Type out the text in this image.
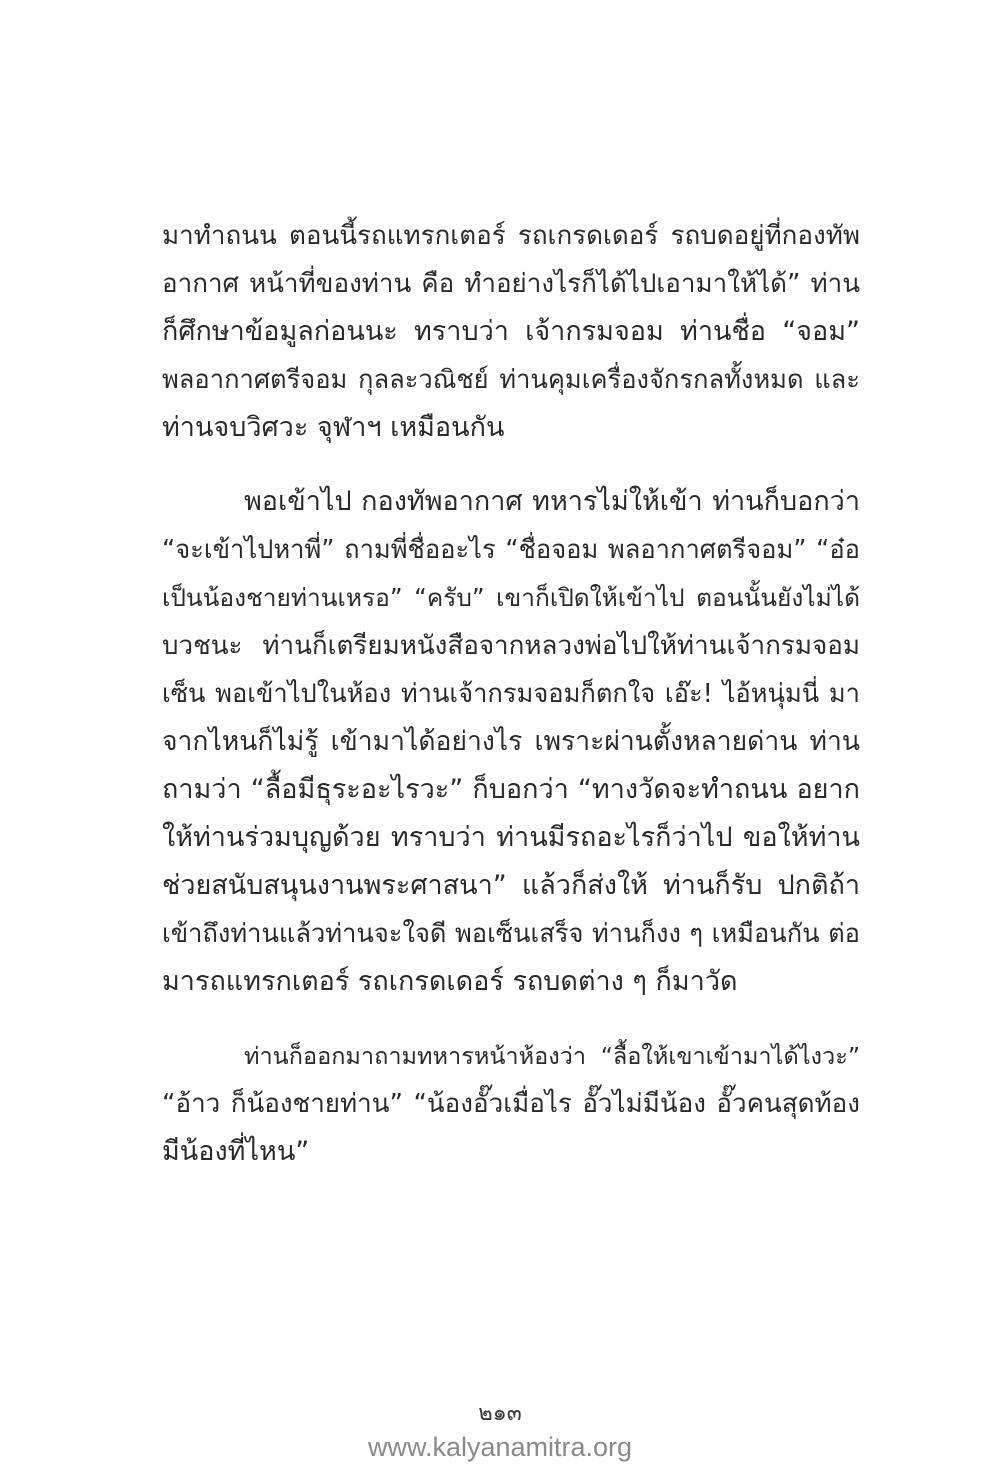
มาทำถนน ตอนนี้รถแทรกเตอร์ รถเกรดเดอร์ รถบดอยู่ที่กองทัพ
อากาศ หน้าที่ของท่าน คือ ทำอย่างไรก็ได้ไปเอามาให้ได้” ท่าน
ก็ศึกษาข้อมูลก่อนนะ ทราบว่า เจ้ากรมจอม ท่านชื่อ “จอม”
พลอากาศตรีจอม กุลละวณิชย์ ท่านคุมเครื่องจักรกลทั้งหมด และ
ท่านจบวิศวะ จุฬาฯ เหมือนกัน

พอเข้าไป กองทัพอากาศ ทหารไม่ให้เข้า ท่านก็บอกว่า
“จะเข้าไปหาพี่” ถามพี่ชื่ออะไร “ชื่อจอม พลอากาศตรีจอม” “อ๋อ
เป็นน้องชายท่านเหรอ” “ครับ” เขาก็เปิดให้เข้าไป ตอนนั้นยังไม่ได้
บวชนะ ท่านก็เตรียมหนังสือจากหลวงพ่อไปให้ท่านเจ้ากรมจอม
เซ็น พอเข้าไปในห้อง ท่านเจ้ากรมจอมก็ตกใจ เอ๊ะ! ไอ้หนุ่มนี่ มา
จากไหนก็ไม่รู้ เข้ามาได้อย่างไร เพราะผ่านตั้งหลายด่าน ท่าน
ถามว่า “ลื้อมีธุระอะไรวะ” ก็บอกว่า “ทางวัดจะทำถนน อยาก
ให้ท่านร่วมบุญด้วย ทราบว่า ท่านมีรถอะไรก็ว่าไป ขอให้ท่าน
ช่วยสนับสนุนงานพระศาสนา” แล้วก็ส่งให้ ท่านก็รับ ปกติถ้า
เข้าถึงท่านแล้วท่านจะใจดี พอเซ็นเสร็จ ท่านก็งง ๆ เหมือนกัน ต่อ
มารถแทรกเตอร์ รถเกรดเดอร์ รถบดต่าง ๆ ก็มาวัด

ท่านก็ออกมาถามทหารหน้าห้องว่า “ลื้อให้เขาเข้ามาได้ไงวะ”
“อ้าว ก็น้องชายท่าน” “น้องอั๊วเมื่อไร อั๊วไม่มีน้อง อั๊วคนสุดท้อง
มีน้องที่ไหน”

๒๑๓
www.kalyanamitra.org
